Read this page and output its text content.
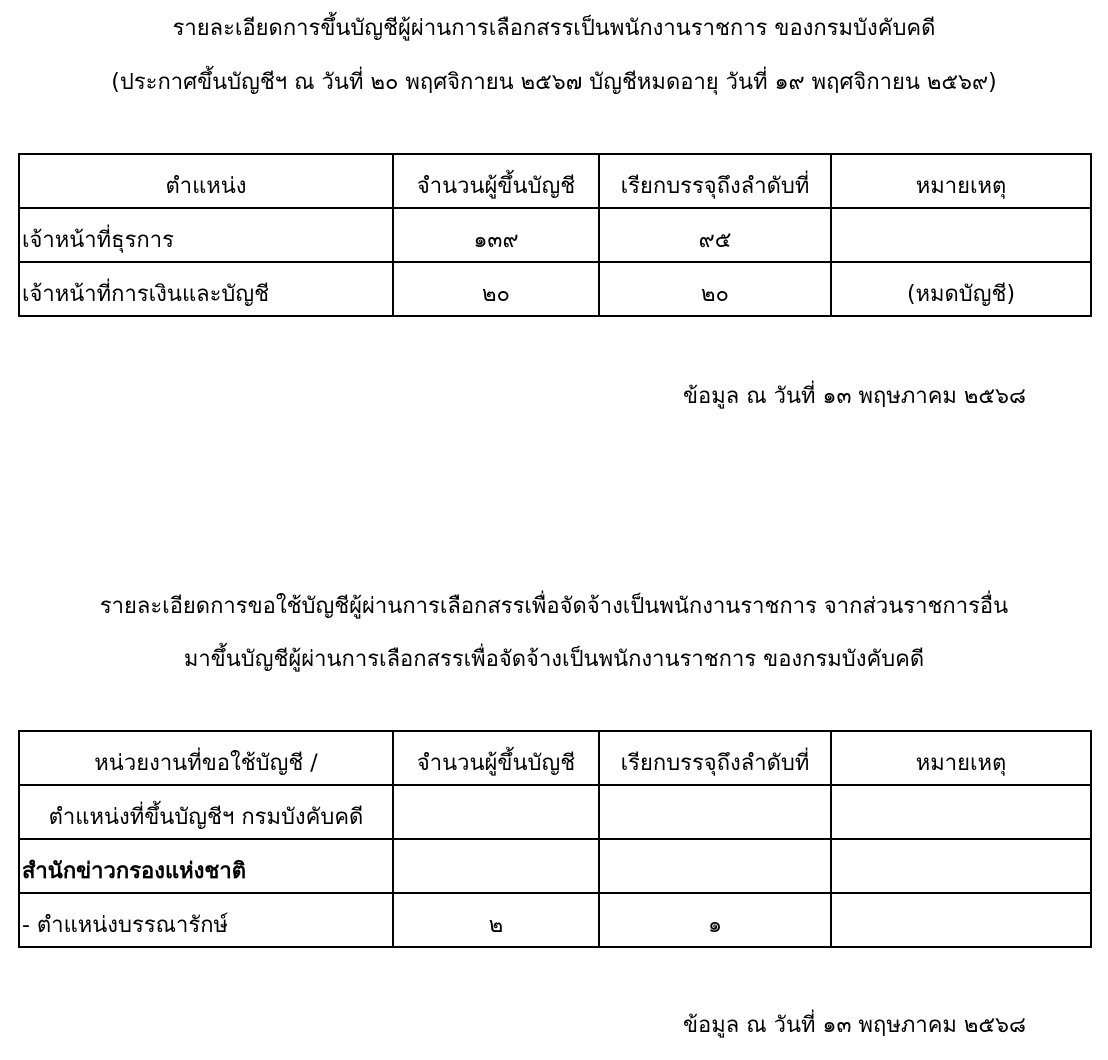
รายละเอียดการขึ้นบัญชีผู้ผ่านการเลือกสรรเป็นพนักงานราชการ ของกรมบังคับคดี
(ประกาศขึ้นบัญชีฯ ณ วันที่ ๒๐ พฤศจิกายน ๒๕๖๗ บัญชีหมดอายุ วันที่ ๑๙ พฤศจิกายน ๒๕๖๙)
ตำแหน่ง	จำนวนผู้ขึ้นบัญชี	เรียกบรรจุถึงลำดับที่	หมายเหตุ
เจ้าหน้าที่ธุรการ	๑๓๙	๙๕	
เจ้าหน้าที่การเงินและบัญชี	๒๐	๒๐	(หมดบัญชี)
ข้อมูล ณ วันที่ ๑๓ พฤษภาคม ๒๕๖๘
รายละเอียดการขอใช้บัญชีผู้ผ่านการเลือกสรรเพื่อจัดจ้างเป็นพนักงานราชการ จากส่วนราชการอื่น
มาขึ้นบัญชีผู้ผ่านการเลือกสรรเพื่อจัดจ้างเป็นพนักงานราชการ ของกรมบังคับคดี
หน่วยงานที่ขอใช้บัญชี /	จำนวนผู้ขึ้นบัญชี	เรียกบรรจุถึงลำดับที่	หมายเหตุ
ตำแหน่งที่ขึ้นบัญชีฯ กรมบังคับคดี			
สำนักข่าวกรองแห่งชาติ			
- ตำแหน่งบรรณารักษ์	๒	๑	
ข้อมูล ณ วันที่ ๑๓ พฤษภาคม ๒๕๖๘
